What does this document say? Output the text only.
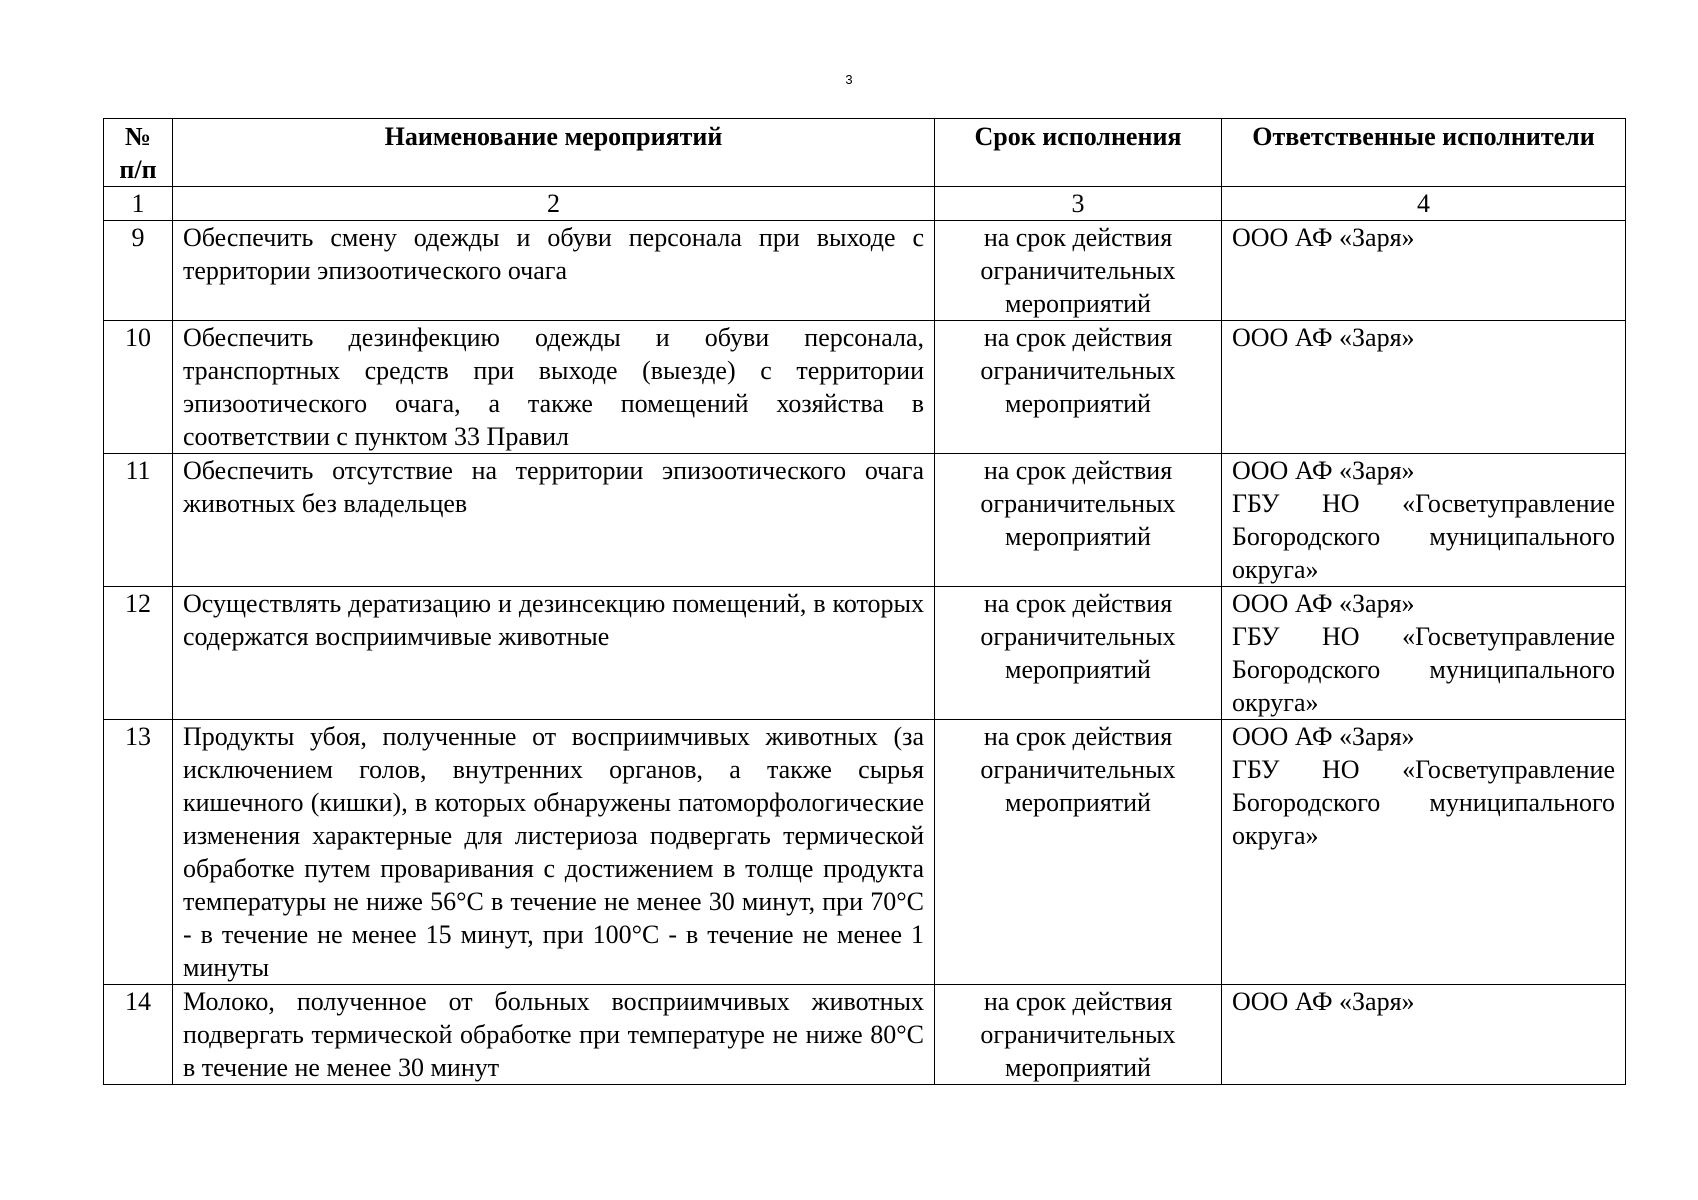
3
№ п/п	Наименование мероприятий	Срок исполнения	Ответственные исполнители
1	2	3	4
9	Обеспечить смену одежды и обуви персонала при выходе с территории эпизоотического очага	на срок действия ограничительных мероприятий	ООО АФ «Заря»

10	Обеспечить дезинфекцию одежды и обуви персонала, транспортных средств при выходе (выезде) с территории эпизоотического очага, а также помещений хозяйства в соответствии с пунктом 33 Правил	на срок действия ограничительных мероприятий	ООО АФ «Заря»

11	Обеспечить отсутствие на территории эпизоотического очага животных без владельцев	на срок действия ограничительных мероприятий	ООО АФ «Заря»
ГБУ НО «Госветуправление Богородского муниципального округа»

12	Осуществлять дератизацию и дезинсекцию помещений, в которых содержатся восприимчивые животные	на срок действия ограничительных мероприятий	ООО АФ «Заря»
ГБУ НО «Госветуправление Богородского муниципального округа»

13	Продукты убоя, полученные от восприимчивых животных (за исключением голов, внутренних органов, а также сырья кишечного (кишки), в которых обнаружены патоморфологические изменения характерные для листериоза подвергать термической обработке путем проваривания с достижением в толще продукта температуры не ниже 56°С в течение не менее 30 минут, при 70°С - в течение не менее 15 минут, при 100°С - в течение не менее 1 минуты	на срок действия ограничительных мероприятий	ООО АФ «Заря»
ГБУ НО «Госветуправление Богородского муниципального округа»

14	Молоко, полученное от больных восприимчивых животных подвергать термической обработке при температуре не ниже 80°С в течение не менее 30 минут	на срок действия ограничительных мероприятий	ООО АФ «Заря»
